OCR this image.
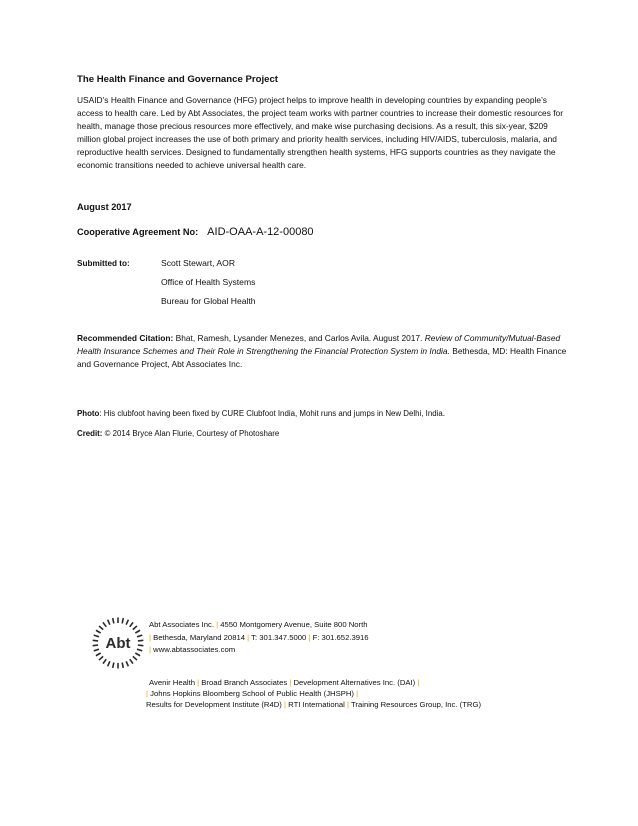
The Health Finance and Governance Project
USAID’s Health Finance and Governance (HFG) project helps to improve health in developing countries by expanding people’s access to health care. Led by Abt Associates, the project team works with partner countries to increase their domestic resources for health, manage those precious resources more effectively, and make wise purchasing decisions. As a result, this six-year, $209 million global project increases the use of both primary and priority health services, including HIV/AIDS, tuberculosis, malaria, and reproductive health services. Designed to fundamentally strengthen health systems, HFG supports countries as they navigate the economic transitions needed to achieve universal health care.
August 2017
Cooperative Agreement No: AID-OAA-A-12-00080
Submitted to:	Scott Stewart, AOR
Office of Health Systems
Bureau for Global Health
Recommended Citation: Bhat, Ramesh, Lysander Menezes, and Carlos Avila. August 2017. Review of Community/Mutual-Based Health Insurance Schemes and Their Role in Strengthening the Financial Protection System in India. Bethesda, MD: Health Finance and Governance Project, Abt Associates Inc.
Photo: His clubfoot having been fixed by CURE Clubfoot India, Mohit runs and jumps in New Delhi, India.
Credit: © 2014 Bryce Alan Flurie, Courtesy of Photoshare
Abt
Abt Associates Inc. | 4550 Montgomery Avenue, Suite 800 North
| Bethesda, Maryland 20814 | T: 301.347.5000 | F: 301.652.3916
| www.abtassociates.com
Avenir Health | Broad Branch Associates | Development Alternatives Inc. (DAI) |
| Johns Hopkins Bloomberg School of Public Health (JHSPH) |
Results for Development Institute (R4D) | RTI International | Training Resources Group, Inc. (TRG)
